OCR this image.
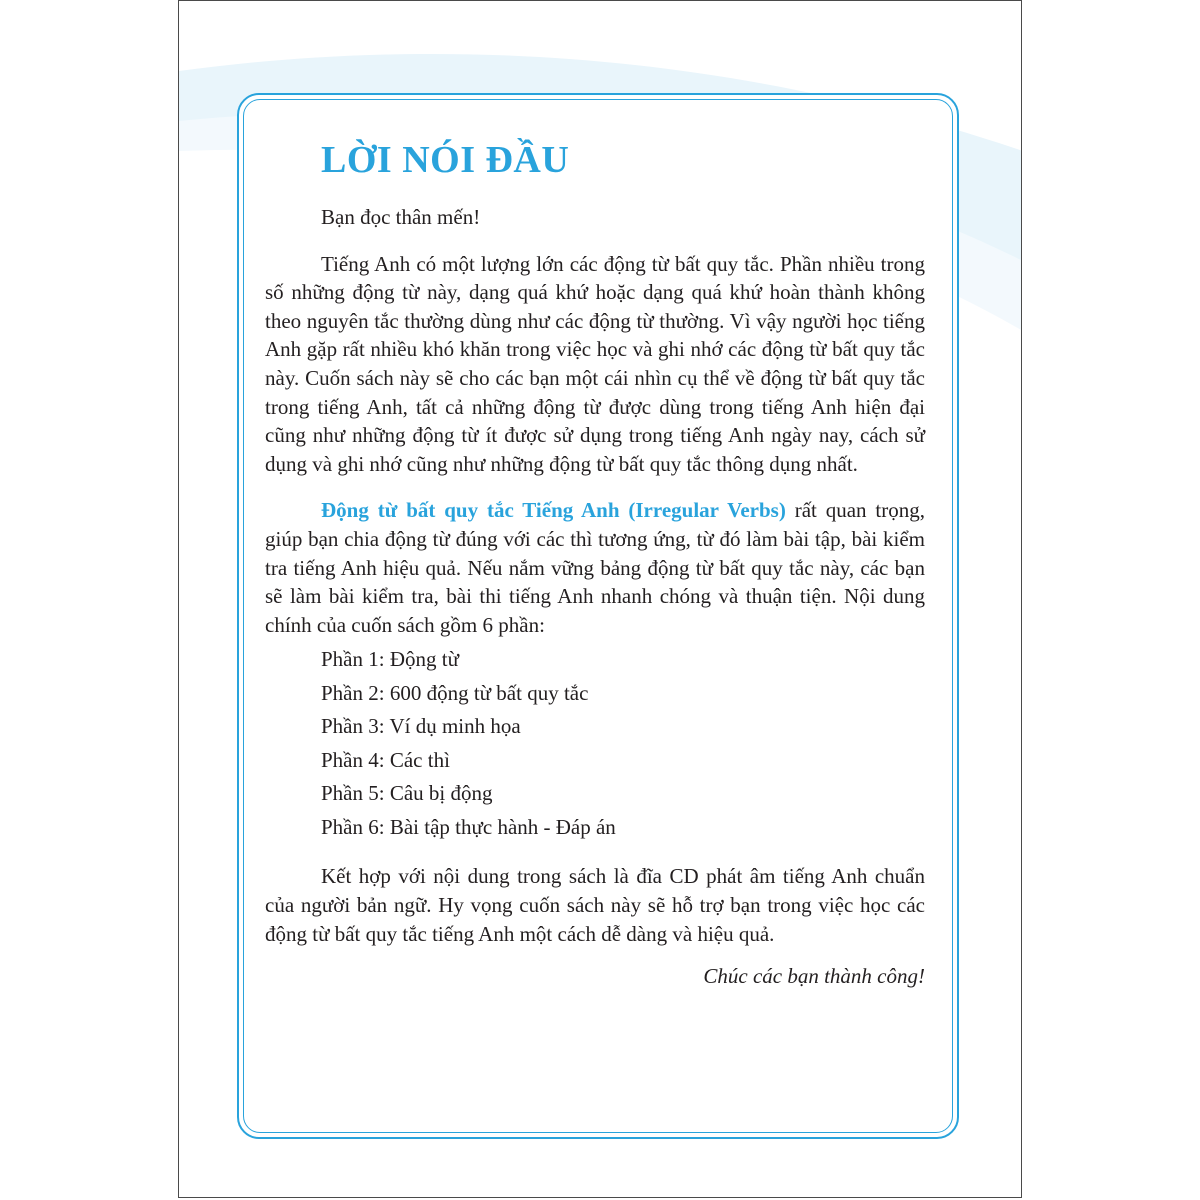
LỜI NÓI ĐẦU

Bạn đọc thân mến!

Tiếng Anh có một lượng lớn các động từ bất quy tắc. Phần nhiều trong số những động từ này, dạng quá khứ hoặc dạng quá khứ hoàn thành không theo nguyên tắc thường dùng như các động từ thường. Vì vậy người học tiếng Anh gặp rất nhiều khó khăn trong việc học và ghi nhớ các động từ bất quy tắc này. Cuốn sách này sẽ cho các bạn một cái nhìn cụ thể về động từ bất quy tắc trong tiếng Anh, tất cả những động từ được dùng trong tiếng Anh hiện đại cũng như những động từ ít được sử dụng trong tiếng Anh ngày nay, cách sử dụng và ghi nhớ cũng như những động từ bất quy tắc thông dụng nhất.

Động từ bất quy tắc Tiếng Anh (Irregular Verbs) rất quan trọng, giúp bạn chia động từ đúng với các thì tương ứng, từ đó làm bài tập, bài kiểm tra tiếng Anh hiệu quả. Nếu nắm vững bảng động từ bất quy tắc này, các bạn sẽ làm bài kiểm tra, bài thi tiếng Anh nhanh chóng và thuận tiện. Nội dung chính của cuốn sách gồm 6 phần:

Phần 1: Động từ
Phần 2: 600 động từ bất quy tắc
Phần 3: Ví dụ minh họa
Phần 4: Các thì
Phần 5: Câu bị động
Phần 6: Bài tập thực hành - Đáp án

Kết hợp với nội dung trong sách là đĩa CD phát âm tiếng Anh chuẩn của người bản ngữ. Hy vọng cuốn sách này sẽ hỗ trợ bạn trong việc học các động từ bất quy tắc tiếng Anh một cách dễ dàng và hiệu quả.

Chúc các bạn thành công!
